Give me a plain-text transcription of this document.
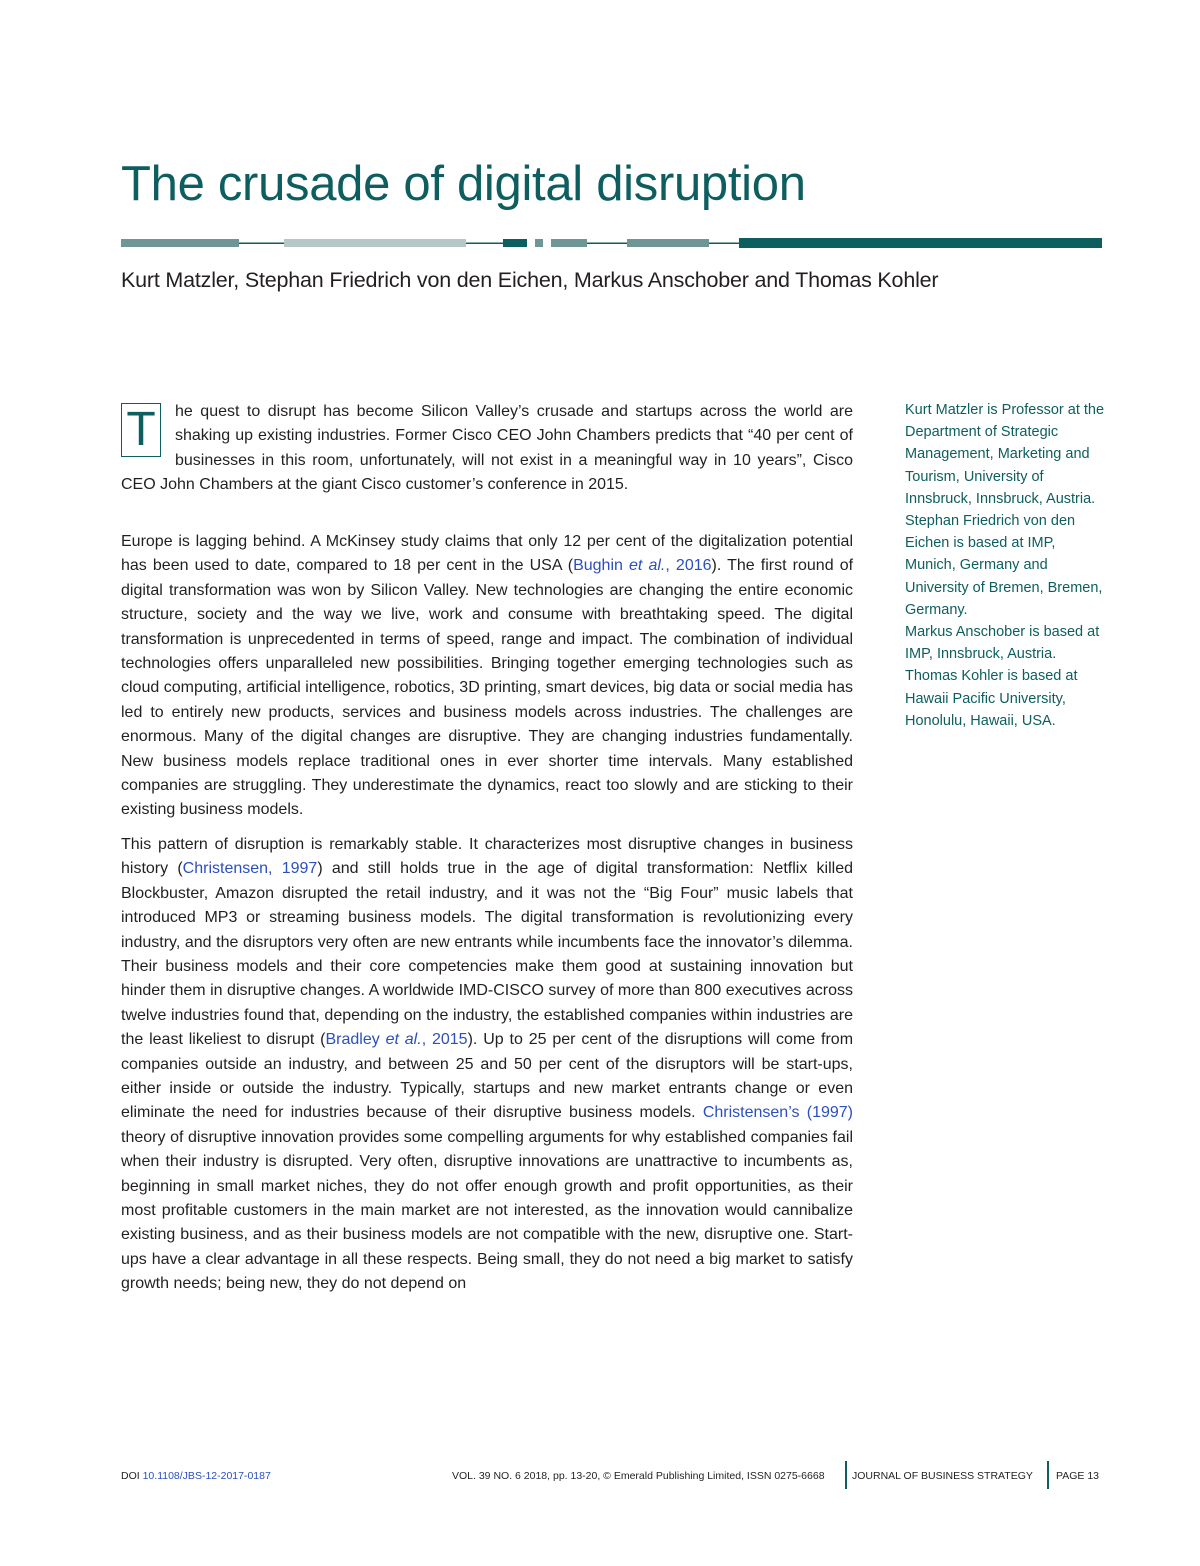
The crusade of digital disruption
Kurt Matzler, Stephan Friedrich von den Eichen, Markus Anschober and Thomas Kohler

T	he quest to disrupt has become Silicon Valley’s crusade and startups across the world are shaking up existing industries. Former Cisco CEO John Chambers predicts that “40 per cent of businesses in this room, unfortunately, will not exist in a meaningful way in 10 years”, Cisco CEO John Chambers at the giant Cisco customer’s conference in 2015.

Europe is lagging behind. A McKinsey study claims that only 12 per cent of the digitalization potential has been used to date, compared to 18 per cent in the USA (Bughin et al., 2016). The first round of digital transformation was won by Silicon Valley. New technologies are changing the entire economic structure, society and the way we live, work and consume with breathtaking speed. The digital transformation is unprecedented in terms of speed, range and impact. The combination of individual technologies offers unparalleled new possibilities. Bringing together emerging technologies such as cloud computing, artificial intelligence, robotics, 3D printing, smart devices, big data or social media has led to entirely new products, services and business models across industries. The challenges are enormous. Many of the digital changes are disruptive. They are changing industries fundamentally. New business models replace traditional ones in ever shorter time intervals. Many established companies are struggling. They underestimate the dynamics, react too slowly and are sticking to their existing business models.

This pattern of disruption is remarkably stable. It characterizes most disruptive changes in business history (Christensen, 1997) and still holds true in the age of digital transformation: Netflix killed Blockbuster, Amazon disrupted the retail industry, and it was not the “Big Four” music labels that introduced MP3 or streaming business models. The digital transformation is revolutionizing every industry, and the disruptors very often are new entrants while incumbents face the innovator’s dilemma. Their business models and their core competencies make them good at sustaining innovation but hinder them in disruptive changes. A worldwide IMD-CISCO survey of more than 800 executives across twelve industries found that, depending on the industry, the established companies within industries are the least likeliest to disrupt (Bradley et al., 2015). Up to 25 per cent of the disruptions will come from companies outside an industry, and between 25 and 50 per cent of the disruptors will be start-ups, either inside or outside the industry. Typically, startups and new market entrants change or even eliminate the need for industries because of their disruptive business models. Christensen’s (1997) theory of disruptive innovation provides some compelling arguments for why established companies fail when their industry is disrupted. Very often, disruptive innovations are unattractive to incumbents as, beginning in small market niches, they do not offer enough growth and profit opportunities, as their most profitable customers in the main market are not interested, as the innovation would cannibalize existing business, and as their business models are not compatible with the new, disruptive one. Start-ups have a clear advantage in all these respects. Being small, they do not need a big market to satisfy growth needs; being new, they do not depend on

Kurt Matzler is Professor at the Department of Strategic Management, Marketing and Tourism, University of Innsbruck, Innsbruck, Austria.

Stephan Friedrich von den Eichen is based at IMP, Munich, Germany and University of Bremen, Bremen, Germany.

Markus Anschober is based at IMP, Innsbruck, Austria.

Thomas Kohler is based at Hawaii Pacific University, Honolulu, Hawaii, USA.

DOI 10.1108/JBS-12-2017-0187	VOL. 39 NO. 6 2018, pp. 13-20, © Emerald Publishing Limited, ISSN 0275-6668	JOURNAL OF BUSINESS STRATEGY PAGE 13
